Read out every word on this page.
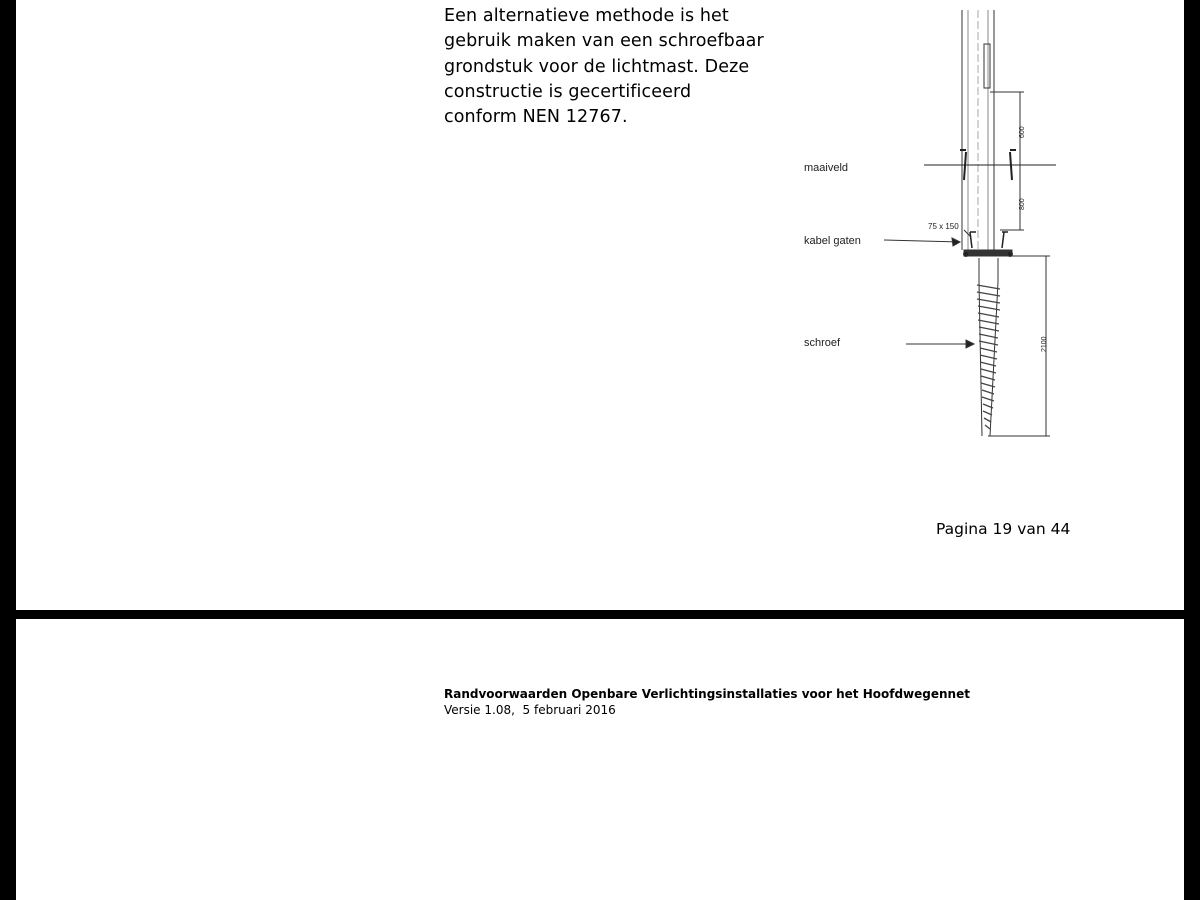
Een alternatieve methode is het gebruik maken van een schroefbaar grondstuk voor de lichtmast. Deze constructie is gecertificeerd conform NEN 12767.

maaiveld
kabel gaten
schroef
75 x 150
600
800
2100
Pagina 19 van 44
Randvoorwaarden Openbare Verlichtingsinstallaties voor het Hoofdwegennet
Versie 1.08,  5 februari 2016
